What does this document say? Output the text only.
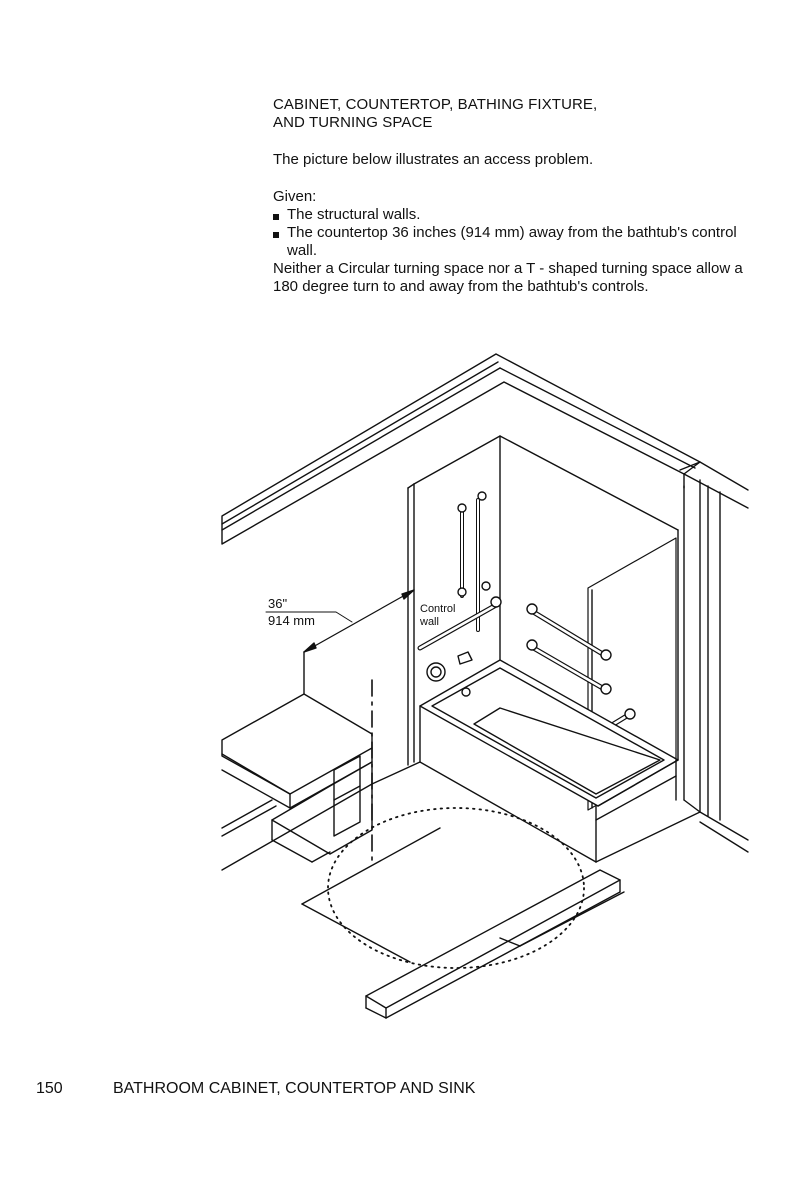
CABINET, COUNTERTOP, BATHING FIXTURE,
AND TURNING SPACE
The picture below illustrates an access problem.
Given:
The structural walls.
The countertop 36 inches (914 mm) away from the bathtub's control wall.
Neither a Circular turning space nor a T - shaped turning space allow a 180 degree turn to and away from the bathtub's controls.
36"
914 mm
Control
wall
150	BATHROOM CABINET, COUNTERTOP AND SINK
